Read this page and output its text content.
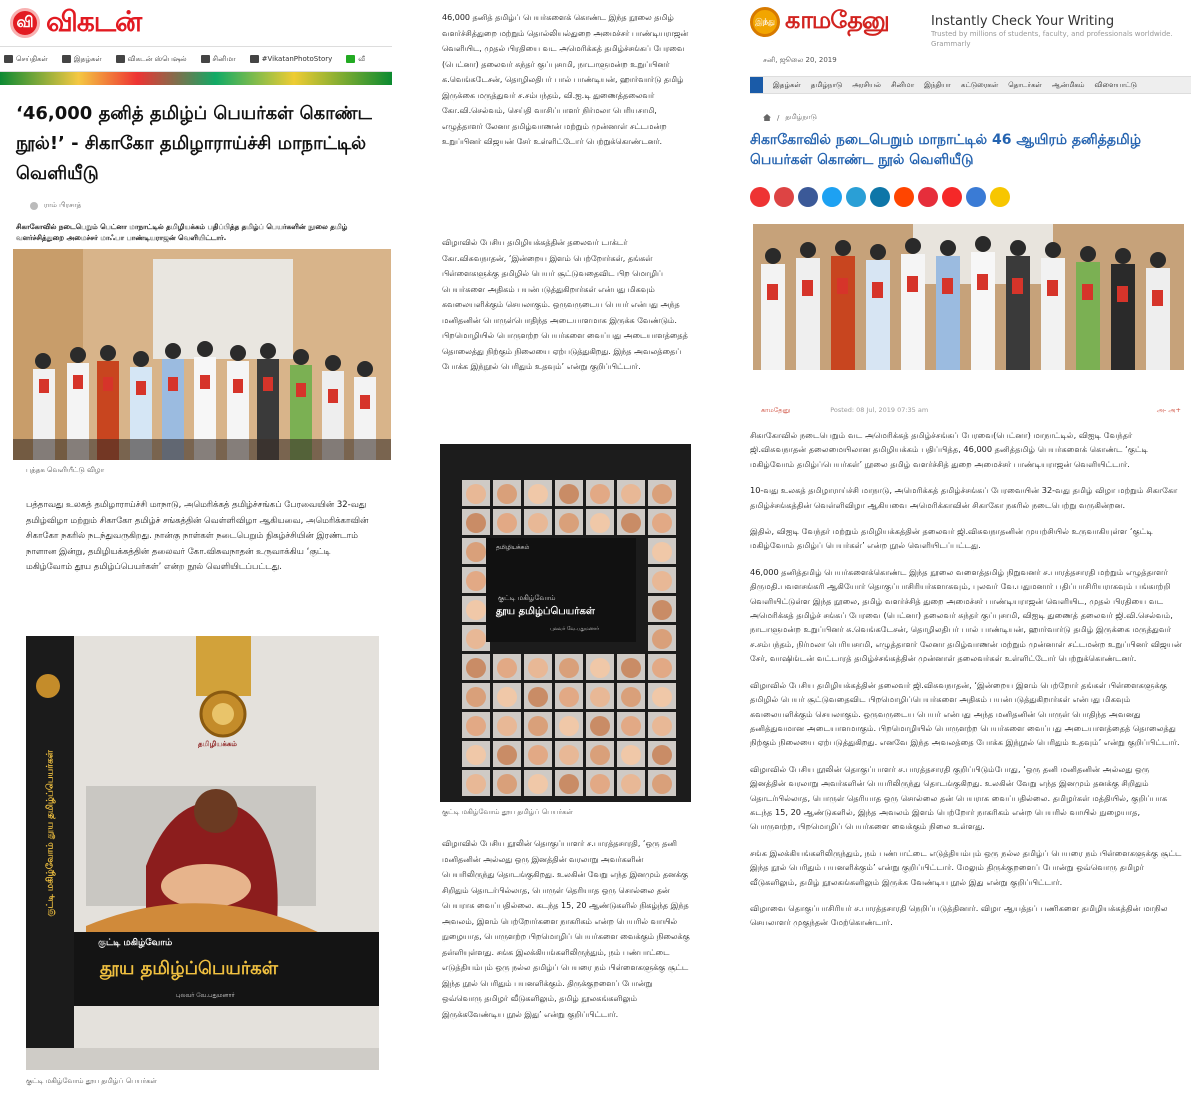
வி விகடன்
செய்திகள்	இதழ்கள்	விகடன் ஸ்பெஷல்	சினிமா	#VikatanPhotoStory	வீ
‘46,000 தனித் தமிழ்ப் பெயர்கள் கொண்ட நூல்!’ - சிகாகோ தமிழாராய்ச்சி மாநாட்டில் வெளியீடு
ராம் பிரசாத்

சிகாகோவில் நடைபெறும் பெட்னா மாநாட்டில் தமிழியக்கம் பதிப்பித்த தமிழ்ப் பெயர்களின் நூலை தமிழ் வளர்ச்சித்துறை அமைச்சர் மாஃபா பாண்டியராஜன் வெளியிட்டார்.

புத்தக வெளியீட்டு விழா

பத்தாவது உலகத் தமிழாராய்ச்சி மாநாடு, அமெரிக்கத் தமிழ்ச்சங்கப் பேரவையின் 32-வது தமிழ்விழா மற்றும் சிகாகோ தமிழ்ச் சங்கத்தின் வெள்ளிவிழா ஆகியவை, அமெரிக்காவின் சிகாகோ நகரில் நடந்துவருகிறது. நான்கு நாள்கள் நடைபெறும் நிகழ்ச்சியின் இரண்டாம் நாளான இன்று, தமிழியக்கத்தின் தலைவர் கோ.விசுவநாதன் உருவாக்கிய ‘குட்டி மகிழ்வோம் தூய தமிழ்ப்பெயர்கள்’ என்ற நூல் வெளியிடப்பட்டது.

தமிழியக்கம்
குட்டி மகிழ்வோம் தூய தமிழ்ப்பெயர்கள்
குட்டி மகிழ்வோம்
தூய தமிழ்ப்பெயர்கள்
புலவர் வே.பதுமனார்
குட்டி மகிழ்வோம் தூய தமிழ்ப் பெயர்கள்

46,000 தனித் தமிழ்ப் பெயர்களைக் கொண்ட இந்த நூலை தமிழ் வளர்ச்சித்துறை மற்றும் தொல்லியல்துறை அமைச்சர் பாண்டியராஜன் வெளியிட, முதல் பிரதியை வட அமெரிக்கத் தமிழ்ச்சங்கப் பேரவை (பெட்னா) தலைவர் சுந்தர் குப்புசாமி, நாடாளுமன்ற உறுப்பினர் க.வெங்கடேசன், தொழிலதிபர் பால் பாண்டியன், ஹார்வார்டு தமிழ் இருக்கை மருத்துவர் ச.சம்பந்தம், வி.ஐ.டி துணைத்தலைவர் கோ.வி.செல்வம், செய்தி வாசிப்பாளர் நிர்மலா பெரியசாமி, எழுத்தாளர் லேனா தமிழ்வாணன் மற்றும் முன்னாள் சட்டமன்ற உறுப்பினர் விஜயன் சேர் உள்ளிட்டோர் பெற்றுக்கொண்டனர்.

விழாவில் பேசிய தமிழியக்கத்தின் தலைவர் டாக்டர் கோ.விசுவநாதன், ‘இன்றைய இளம் பெற்றோர்கள், தங்கள் பிள்ளைகளுக்கு தமிழில் பெயர் சூட்டுவதைவிட பிற மொழிப் பெயர்களை அதிகம் பயன்படுத்துகிறார்கள் என்பது மிகவும் கவலையளிக்கும் செயலாகும். ஒருவருடைய பெயர் என்பது அந்த மனிதனின் பொருள்பொதிந்த அடையாளமாக இருக்க வேண்டும். பிறமொழியில் பொருளற்ற பெயர்களை வைப்பது அடையாளத்தைத் தொலைத்து நிற்கும் நிலையை ஏற்படுத்துகிறது. இந்த அவலத்தைப் போக்க இந்நூல் பெரிதும் உதவும்’ என்று குறிப்பிட்டார்.

தமிழியக்கம்
குட்டி மகிழ்வோம்
தூய தமிழ்ப்பெயர்கள்
புலவர் வே.பதுமனார்
குட்டி மகிழ்வோம் தூய தமிழ்ப் பெயர்கள்

விழாவில் பேசிய நூலின் தொகுப்பாளர் ச.பாரத்தசாரதி, ‘ஒரு தனி மனிதனின் அல்லது ஒரு இனத்தின் வரலாறு அவர்களின் பெயரிலிருந்து தொடங்குகிறது. உலகின் வேறு எந்த இனமும் தனக்கு சிறிதும் தொடர்பில்லாத, பொருள் தெரியாத ஒரு சொல்லை தன் பெயராக வைப்பதில்லை. கடந்த 15, 20 ஆண்டுகளில் நிகழ்ந்த இந்த அவலம், இளம் பெற்றோர்களை நாகரிகம் என்ற பெயரில் வாயில் நுழையாத, பொருளற்ற பிறமொழிப் பெயர்களை வைக்கும் நிலைக்கு தள்ளியுள்ளது. சங்க இலக்கியங்களிலிருந்தும், நம் பண்பாட்டை எடுத்தியம்பும் ஒரு நல்ல தமிழ்ப் பெயரை நம் பிள்ளைகளுக்கு சூட்ட இந்த நூல் பெரிதும் பயனளிக்கும். திருக்குறளைப் போன்று ஒவ்வொரு தமிழர் வீடுகளிலும், தமிழ் நூலகங்களிலும் இருக்கவேண்டிய நூல் இது’ என்று குறிப்பிட்டார்.

இந்து காமதேனு	Instantly Check Your Writing
Trusted by millions of students, faculty, and professionals worldwide. Grammarly
சனி, ஜூலை 20, 2019
இதழ்கள் தமிழ்நாடு அரசியல் சினிமா இந்தியா கட்டுரைகள் தொடர்கள் ஆன்மிகம் விளையாட்டு
/ தமிழ்நாடு
சிகாகோவில் நடைபெறும் மாநாட்டில் 46 ஆயிரம் தனித்தமிழ் பெயர்கள் கொண்ட நூல் வெளியீடு
காமதேனு	Posted: 08 Jul, 2019 07:35 am	அ- அ+

சிகாகோவில் நடைபெறும் வட அமெரிக்கத் தமிழ்ச்சங்கப் பேரவை(பெட்னா) மாநாட்டில், விஐடி வேந்தர் ஜி.விசுவநாதன் தலைமையிலான தமிழியக்கம் பதிப்பித்த, 46,000 தனித்தமிழ் பெயர்களைக் கொண்ட ‘குட்டி மகிழ்வோம் தமிழ்ப்பெயர்கள்’ நூலை தமிழ் வளர்ச்சித் துறை அமைச்சர் பாண்டியராஜன் வெளியிட்டார்.

10-வது உலகத் தமிழாராய்ச்சி மாநாடு, அமெரிக்கத் தமிழ்ச்சங்கப் பேரவையின் 32-வது தமிழ் விழா மற்றும் சிகாகோ தமிழ்ச்சங்கத்தின் வெள்ளிவிழா ஆகியவை அமெரிக்காவின் சிகாகோ நகரில் நடைபெற்று வருகின்றன.

இதில், விஐடி வேந்தர் மற்றும் தமிழியக்கத்தின் தலைவர் ஜி.விசுவநாதனின் முயற்சியில் உருவாகியுள்ள ‘குட்டி மகிழ்வோம் தமிழ்ப் பெயர்கள்’ என்ற நூல் வெளியிடப்பட்டது.

46,000 தனித்தமிழ் பெயர்களைக்கொண்ட இந்த நூலை வளைத்தமிழ் நிறுவனர் ச.பாரத்தசாரதி மற்றும் எழுத்தாளர் திருமதி.பவளசங்கரி ஆகியோர் தொகுப்பாசிரியர்களாகவும், புலவர் வே.பதுமனார் பதிப்பாசிரியராகவும் பங்காற்றி வெளியிட்டுள்ள இந்த நூலை, தமிழ் வளர்ச்சித் துறை அமைச்சர் பாண்டியராஜன் வெளியிட, முதல் பிரதியை வட அமெரிக்கத் தமிழ்ச் சங்கப் பேரவை (பெட்னா) தலைவர் சுந்தர் குப்புசாமி, விஐடி துணைத் தலைவர் ஜி.வி.செல்வம், நாடாளுமன்ற உறுப்பினர் சு.வெங்கடேசன், தொழிலதிபர் பால் பாண்டியன், ஹார்வார்டு தமிழ் இருக்கை மருத்துவர் ச.சம்பந்தம், நிர்மலா பெரியசாமி, எழுத்தாளர் லேனா தமிழ்வாணன் மற்றும் முன்னாள் சட்டமன்ற உறுப்பினர் விஜயன் சேர், வாஷிங்டன் வட்டாரத் தமிழ்ச்சங்கத்தின் முன்னாள் தலைவர்கள் உள்ளிட்டோர் பெற்றுக்கொண்டனர்.

விழாவில் பேசிய தமிழியக்கத்தின் தலைவர் ஜி.விசுவநாதன், ‘இன்றைய இளம் பெற்றோர் தங்கள் பிள்ளைகளுக்கு தமிழில் பெயர் சூட்டுவதைவிட பிறமொழிப்பெயர்களை அதிகம் பயன்படுத்துகிறார்கள் என்பது மிகவும் கவலையளிக்கும் செயலாகும். ஒருவருடைய பெயர் என்பது அந்த மனிதனின் பொருள் பொதிந்த அவனது தனித்துவமான அடையாளமாகும். பிறமொழியில் பொருளற்ற பெயர்களை வைப்பது அடையாளத்தைத் தொலைத்து நிற்கும் நிலையை ஏற்படுத்துகிறது. எனவே இந்த அவலத்தை போக்க இந்நூல் பெரிதும் உதவும்’ என்று குறிப்பிட்டார்.

விழாவில் பேசிய நூலின் தொகுப்பாளர் ச.பாரத்தசாரதி குறிப்பிடும்போது, ‘ஒரு தனி மனிதனின் அல்லது ஒரு இனத்தின் வரலாறு அவர்களின் பெயரிலிருந்து தொடங்குகிறது. உலகின் வேறு எந்த இனமும் தனக்கு சிறிதும் தொடர்பில்லாத, பொருள் தெரியாத ஒரு சொல்லை தன் பெயராக வைப்பதில்லை. தமிழர்கள் மத்தியில், குறிப்பாக கடந்த 15, 20 ஆண்டுகளில், இந்த அவலம் இளம் பெற்றோர் நாகரிகம் என்ற பெயரில் வாயில் நுழையாத, பொருளற்ற, பிறமொழிப் பெயர்களை வைக்கும் நிலை உள்ளது.

சங்க இலக்கியங்களிலிருந்தும், நம் பண்பாட்டை எடுத்தியம்பும் ஒரு நல்ல தமிழ்ப் பெயரை நம் பிள்ளைகளுக்கு சூட்ட இந்த நூல் பெரிதும் பயனளிக்கும்’ என்று குறிப்பிட்டார். மேலும் திருக்குறளைப் போன்று ஒவ்வொரு தமிழர் வீடுகளிலும், தமிழ் நூலகங்களிலும் இருக்க வேண்டிய நூல் இது என்று குறிப்பிட்டார்.

விழாவை தொகுப்பாசிரியர் ச.பாரத்தசாரதி நெறிப்படுத்தினார். விழா ஆயத்தப் பணிகளை தமிழியக்கத்தின் மாநில செயலாளர் முகுந்தன் மேற்கொண்டார்.
